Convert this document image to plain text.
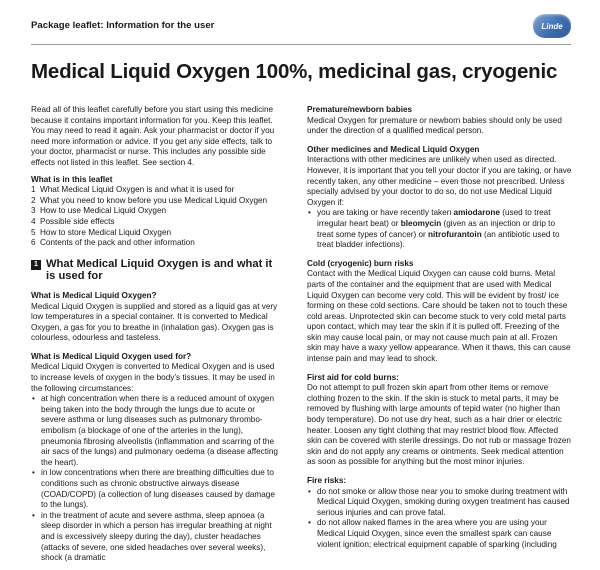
Package leaflet: Information for the user	Linde
Medical Liquid Oxygen 100%, medicinal gas, cryogenic

Read all of this leaflet carefully before you start using this medicine because it contains important information for you. Keep this leaflet. You may need to read it again. Ask your pharmacist or doctor if you need more information or advice. If you get any side effects, talk to your doctor, pharmacist or nurse. This includes any possible side effects not listed in this leaflet. See section 4.

What is in this leaflet
1 What Medical Liquid Oxygen is and what it is used for
2 What you need to know before you use Medical Liquid Oxygen
3 How to use Medical Liquid Oxygen
4 Possible side effects
5 How to store Medical Liquid Oxygen
6 Contents of the pack and other information
1 What Medical Liquid Oxygen is and what it is used for
What is Medical Liquid Oxygen?

Medical Liquid Oxygen is supplied and stored as a liquid gas at very low temperatures in a special container. It is converted to Medical Oxygen, a gas for you to breathe in (inhalation gas). Oxygen gas is colourless, odourless and tasteless.

What is Medical Liquid Oxygen used for?

Medical Liquid Oxygen is converted to Medical Oxygen and is used to increase levels of oxygen in the body’s tissues. It may be used in the following circumstances:

• at high concentration when there is a reduced amount of oxygen being taken into the body through the lungs due to acute or severe asthma or lung diseases such as pulmonary thrombo-embolism (a blockage of one of the arteries in the lung), pneumonia fibrosing alveolistis (inflammation and scarring of the air sacs of the lungs) and pulmonary oedema (a disease affecting the heart).
• in low concentrations when there are breathing difficulties due to conditions such as chronic obstructive airways disease (COAD/COPD) (a collection of lung diseases caused by damage to the lungs).
• in the treatment of acute and severe asthma, sleep apnoea (a sleep disorder in which a person has irregular breathing at night and is excessively sleepy during the day), cluster headaches (attacks of severe, one sided headaches over several weeks), shock (a dramatic
Premature/newborn babies

Medical Oxygen for premature or newborn babies should only be used under the direction of a qualified medical person.

Other medicines and Medical Liquid Oxygen

Interactions with other medicines are unlikely when used as directed. However, it is important that you tell your doctor if you are taking, or have recently taken, any other medicine – even those not prescribed. Unless specially advised by your doctor to do so, do not use Medical Liquid Oxygen if:

• you are taking or have recently taken amiodarone (used to treat irregular heart beat) or bleomycin (given as an injection or drip to treat some types of cancer) or nitrofurantoin (an antibiotic used to treat bladder infections).
Cold (cryogenic) burn risks

Contact with the Medical Liquid Oxygen can cause cold burns. Metal parts of the container and the equipment that are used with Medical Liquid Oxygen can become very cold. This will be evident by frost/ ice forming on these cold sections. Care should be taken not to touch these cold areas. Unprotected skin can become stuck to very cold metal parts upon contact, which may tear the skin if it is pulled off. Freezing of the skin may cause local pain, or may not cause much pain at all. Frozen skin may have a waxy yellow appearance. When it thaws, this can cause intense pain and may lead to shock.

First aid for cold burns:

Do not attempt to pull frozen skin apart from other items or remove clothing frozen to the skin. If the skin is stuck to metal parts, it may be removed by flushing with large amounts of tepid water (no higher than body temperature). Do not use dry heat, such as a hair drier or electric heater. Loosen any tight clothing that may restrict blood flow. Affected skin can be covered with sterile dressings. Do not rub or massage frozen skin and do not apply any creams or ointments. Seek medical attention as soon as possible for anything but the most minor injuries.

Fire risks:
• do not smoke or allow those near you to smoke during treatment with Medical Liquid Oxygen, smoking during oxygen treatment has caused serious injuries and can prove fatal.
• do not allow naked flames in the area where you are using your Medical Liquid Oxygen, since even the smallest spark can cause violent ignition; electrical equipment capable of sparking (including
